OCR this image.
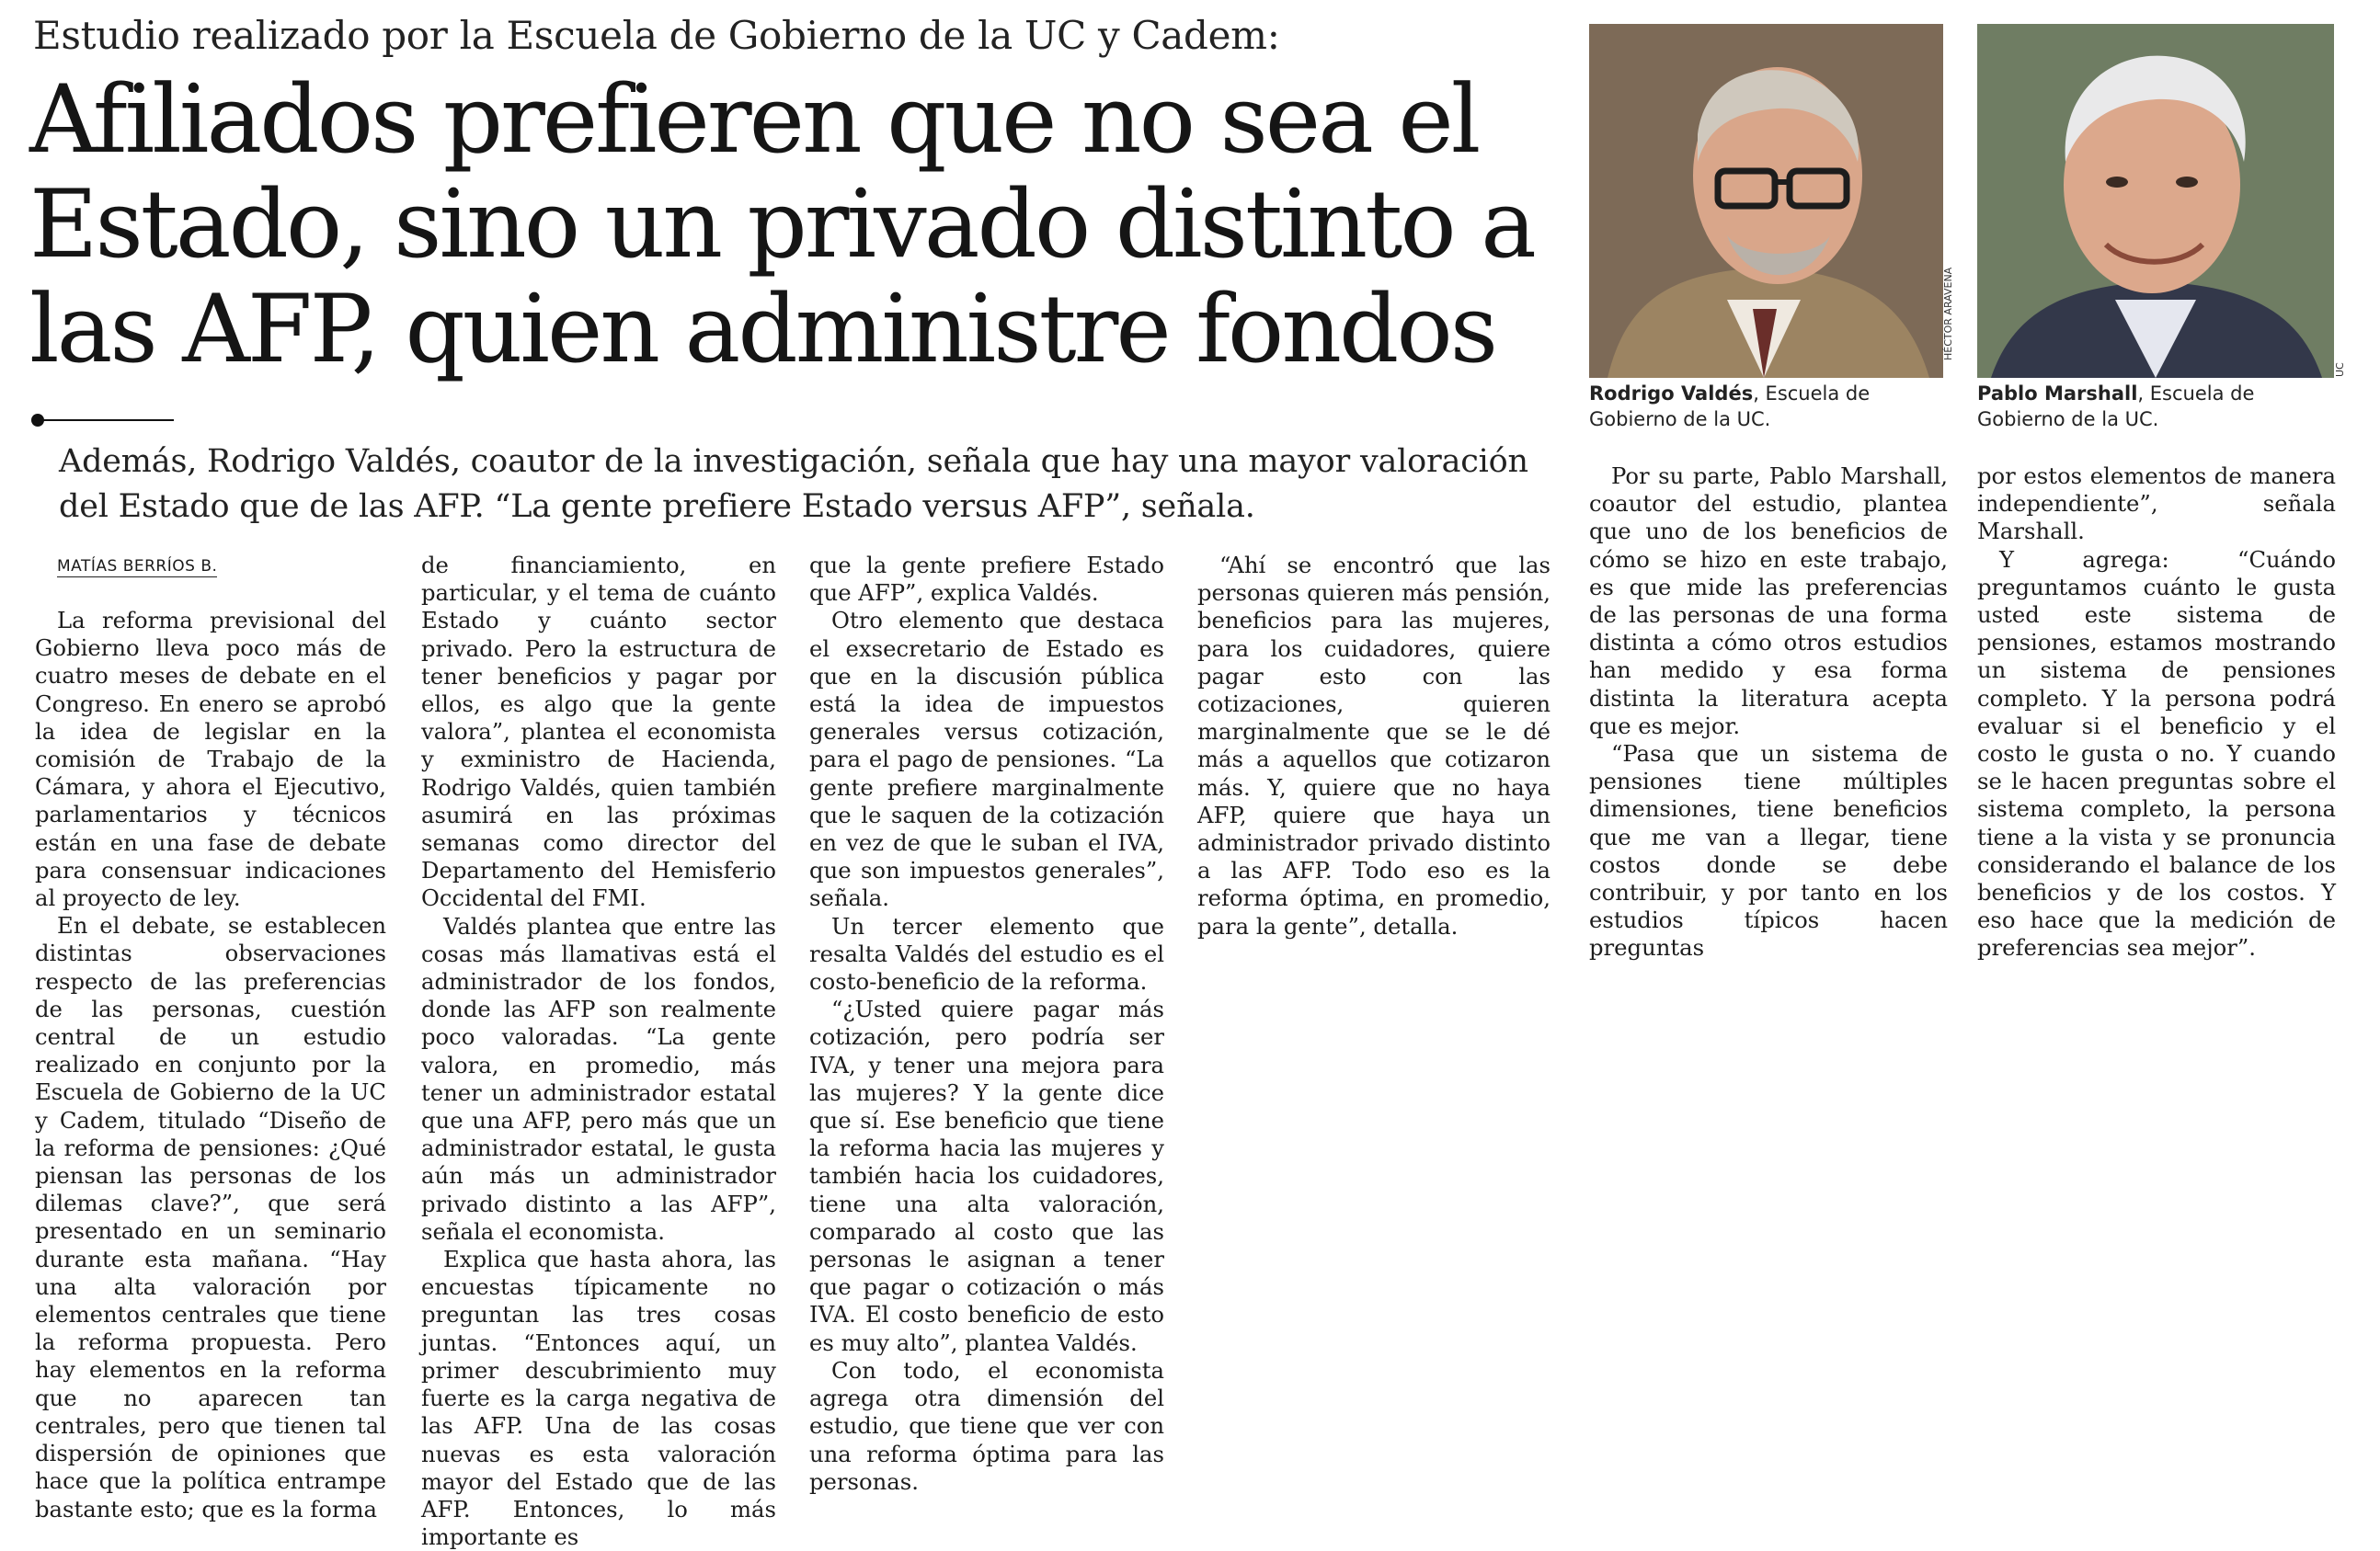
Estudio realizado por la Escuela de Gobierno de la UC y Cadem:
Afiliados prefieren que no sea el Estado, sino un privado distinto a las AFP, quien administre fondos
Además, Rodrigo Valdés, coautor de la investigación, señala que hay una mayor valoración del Estado que de las AFP. “La gente prefiere Estado versus AFP”, señala.
MATÍAS BERRÍOS B.

La reforma previsional del Gobierno lleva poco más de cuatro meses de debate en el Congreso. En enero se aprobó la idea de legislar en la comisión de Trabajo de la Cámara, y ahora el Ejecutivo, parlamentarios y técnicos están en una fase de debate para consensuar indicaciones al proyecto de ley.

En el debate, se establecen distintas observaciones respecto de las preferencias de las personas, cuestión central de un estudio realizado en conjunto por la Escuela de Gobierno de la UC y Cadem, titulado “Diseño de la reforma de pensiones: ¿Qué piensan las personas de los dilemas clave?”, que será presentado en un seminario durante esta mañana. “Hay una alta valoración por elementos centrales que tiene la reforma propuesta. Pero hay elementos en la reforma que no aparecen tan centrales, pero que tienen tal dispersión de opiniones que hace que la política entrampe bastante esto; que es la forma

de financiamiento, en particular, y el tema de cuánto Estado y cuánto sector privado. Pero la estructura de tener beneficios y pagar por ellos, es algo que la gente valora”, plantea el economista y exministro de Hacienda, Rodrigo Valdés, quien también asumirá en las próximas semanas como director del Departamento del Hemisferio Occidental del FMI.

Valdés plantea que entre las cosas más llamativas está el administrador de los fondos, donde las AFP son realmente poco valoradas. “La gente valora, en promedio, más tener un administrador estatal que una AFP, pero más que un administrador estatal, le gusta aún más un administrador privado distinto a las AFP”, señala el economista.

Explica que hasta ahora, las encuestas típicamente no preguntan las tres cosas juntas. “Entonces aquí, un primer descubrimiento muy fuerte es la carga negativa de las AFP. Una de las cosas nuevas es esta valoración mayor del Estado que de las AFP. Entonces, lo más importante es

que la gente prefiere Estado que AFP”, explica Valdés.

Otro elemento que destaca el exsecretario de Estado es que en la discusión pública está la idea de impuestos generales versus cotización, para el pago de pensiones. “La gente prefiere marginalmente que le saquen de la cotización en vez de que le suban el IVA, que son impuestos generales”, señala.

Un tercer elemento que resalta Valdés del estudio es el costo-beneficio de la reforma.

“¿Usted quiere pagar más cotización, pero podría ser IVA, y tener una mejora para las mujeres? Y la gente dice que sí. Ese beneficio que tiene la reforma hacia las mujeres y también hacia los cuidadores, tiene una alta valoración, comparado al costo que las personas le asignan a tener que pagar o cotización o más IVA. El costo beneficio de esto es muy alto”, plantea Valdés.

Con todo, el economista agrega otra dimensión del estudio, que tiene que ver con una reforma óptima para las personas.

“Ahí se encontró que las personas quieren más pensión, beneficios para las mujeres, para los cuidadores, quiere pagar esto con las cotizaciones, quieren marginalmente que se le dé más a aquellos que cotizaron más. Y, quiere que no haya AFP, quiere que haya un administrador privado distinto a las AFP. Todo eso es la reforma óptima, en promedio, para la gente”, detalla.

HÉCTOR ARAVENA
UC
Rodrigo Valdés, Escuela de Gobierno de la UC.
Pablo Marshall, Escuela de Gobierno de la UC.

Por su parte, Pablo Marshall, coautor del estudio, plantea que uno de los beneficios de cómo se hizo en este trabajo, es que mide las preferencias de las personas de una forma distinta a cómo otros estudios han medido y esa forma distinta la literatura acepta que es mejor.

“Pasa que un sistema de pensiones tiene múltiples dimensiones, tiene beneficios que me van a llegar, tiene costos donde se debe contribuir, y por tanto en los estudios típicos hacen preguntas

por estos elementos de manera independiente”, señala Marshall.

Y agrega: “Cuándo preguntamos cuánto le gusta usted este sistema de pensiones, estamos mostrando un sistema de pensiones completo. Y la persona podrá evaluar si el beneficio y el costo le gusta o no. Y cuando se le hacen preguntas sobre el sistema completo, la persona tiene a la vista y se pronuncia considerando el balance de los beneficios y de los costos. Y eso hace que la medición de preferencias sea mejor”.
